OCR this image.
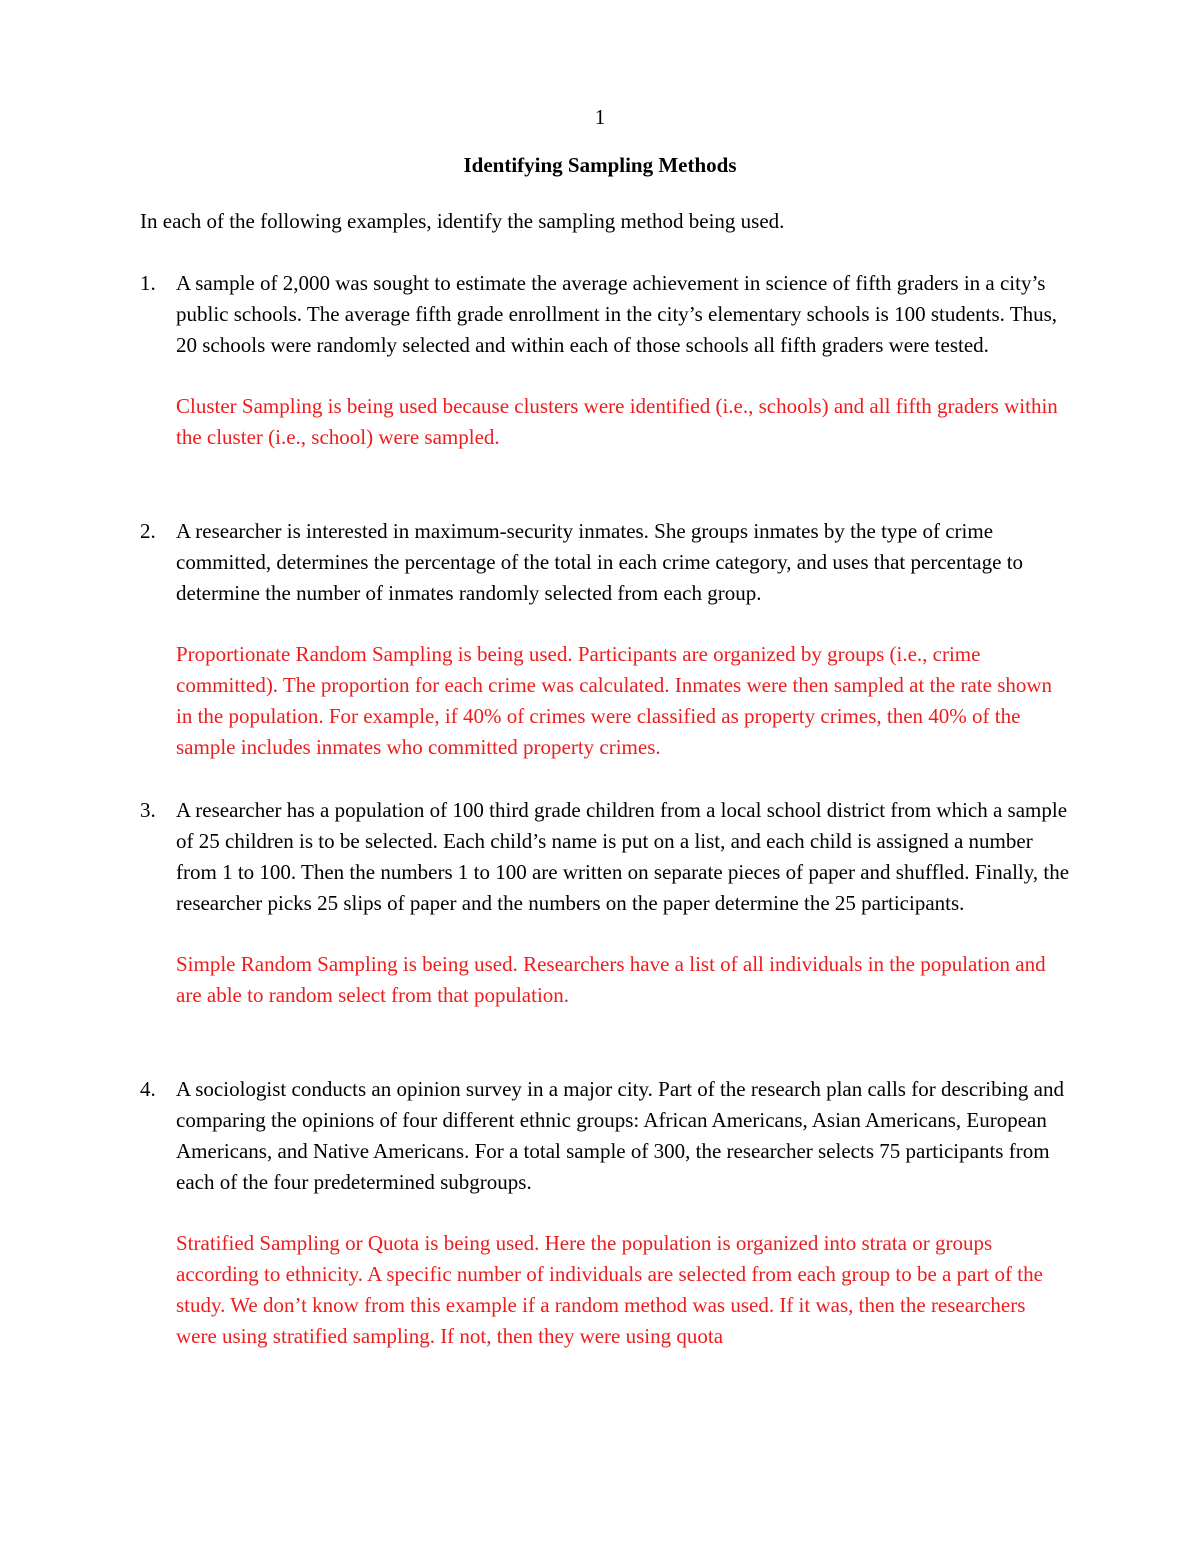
1
Identifying Sampling Methods

In each of the following examples, identify the sampling method being used.

1. A sample of 2,000 was sought to estimate the average achievement in science of fifth graders in a city’s public schools. The average fifth grade enrollment in the city’s elementary schools is 100 students. Thus, 20 schools were randomly selected and within each of those schools all fifth graders were tested.

Cluster Sampling is being used because clusters were identified (i.e., schools) and all fifth graders within the cluster (i.e., school) were sampled.

2. A researcher is interested in maximum-security inmates. She groups inmates by the type of crime committed, determines the percentage of the total in each crime category, and uses that percentage to determine the number of inmates randomly selected from each group.

Proportionate Random Sampling is being used. Participants are organized by groups (i.e., crime committed). The proportion for each crime was calculated. Inmates were then sampled at the rate shown in the population. For example, if 40% of crimes were classified as property crimes, then 40% of the sample includes inmates who committed property crimes.

3. A researcher has a population of 100 third grade children from a local school district from which a sample of 25 children is to be selected. Each child’s name is put on a list, and each child is assigned a number from 1 to 100. Then the numbers 1 to 100 are written on separate pieces of paper and shuffled. Finally, the researcher picks 25 slips of paper and the numbers on the paper determine the 25 participants.

Simple Random Sampling is being used. Researchers have a list of all individuals in the population and are able to random select from that population.

4. A sociologist conducts an opinion survey in a major city. Part of the research plan calls for describing and comparing the opinions of four different ethnic groups: African Americans, Asian Americans, European Americans, and Native Americans. For a total sample of 300, the researcher selects 75 participants from each of the four predetermined subgroups.

Stratified Sampling or Quota is being used. Here the population is organized into strata or groups according to ethnicity. A specific number of individuals are selected from each group to be a part of the study. We don’t know from this example if a random method was used. If it was, then the researchers were using stratified sampling. If not, then they were using quota
